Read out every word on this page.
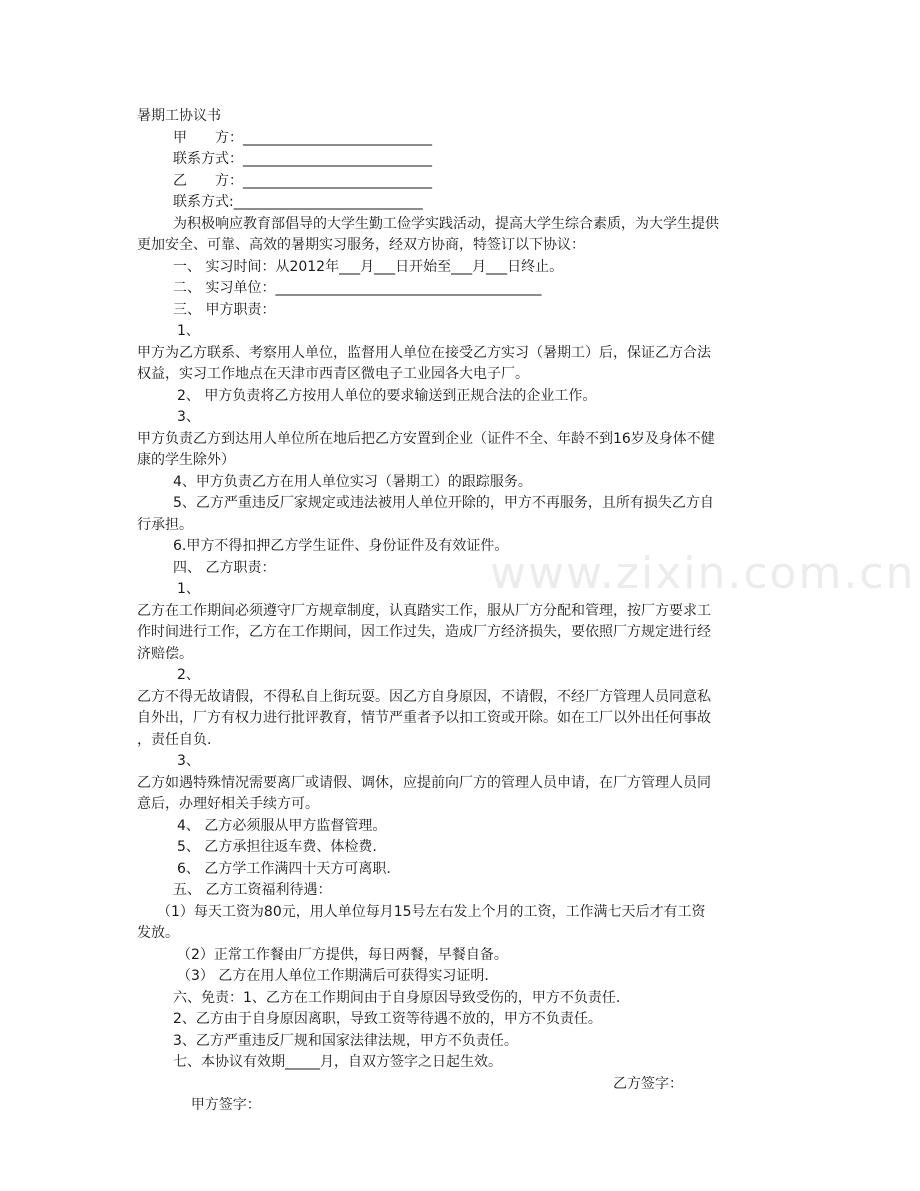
www.zixin.com.cn
暑期工协议书
甲　　方：___________________________
联系方式：___________________________
乙　　方：___________________________
联系方式:___________________________
为积极响应教育部倡导的大学生勤工俭学实践活动，提高大学生综合素质，为大学生提供
更加安全、可靠、高效的暑期实习服务，经双方协商，特签订以下协议：
一、 实习时间：从2012年___月___日开始至___月___日终止。
二、 实习单位：______________________________________
三、 甲方职责：
1、
甲方为乙方联系、考察用人单位，监督用人单位在接受乙方实习（暑期工）后，保证乙方合法
权益，实习工作地点在天津市西青区微电子工业园各大电子厂。
2、 甲方负责将乙方按用人单位的要求输送到正规合法的企业工作。
3、
甲方负责乙方到达用人单位所在地后把乙方安置到企业（证件不全、年龄不到16岁及身体不健
康的学生除外）
4、甲方负责乙方在用人单位实习（暑期工）的跟踪服务。
5、乙方严重违反厂家规定或违法被用人单位开除的，甲方不再服务，且所有损失乙方自
行承担。
6.甲方不得扣押乙方学生证件、身份证件及有效证件。
四、 乙方职责：
1、
乙方在工作期间必须遵守厂方规章制度，认真踏实工作，服从厂方分配和管理，按厂方要求工
作时间进行工作，乙方在工作期间，因工作过失，造成厂方经济损失，要依照厂方规定进行经
济赔偿。
2、
乙方不得无故请假，不得私自上街玩耍。因乙方自身原因，不请假，不经厂方管理人员同意私
自外出，厂方有权力进行批评教育，情节严重者予以扣工资或开除。如在工厂以外出任何事故
，责任自负.
3、
乙方如遇特殊情况需要离厂或请假、调休，应提前向厂方的管理人员申请，在厂方管理人员同
意后，办理好相关手续方可。
4、 乙方必须服从甲方监督管理。
5、 乙方承担往返车费、体检费.
6、 乙方学工作满四十天方可离职.
五、 乙方工资福利待遇：
（1）每天工资为80元，用人单位每月15号左右发上个月的工资，工作满七天后才有工资
发放。
（2）正常工作餐由厂方提供，每日两餐，早餐自备。
（3） 乙方在用人单位工作期满后可获得实习证明.
六、免责：1、乙方在工作期间由于自身原因导致受伤的，甲方不负责任.
2、乙方由于自身原因离职，导致工资等待遇不放的，甲方不负责任。
3、乙方严重违反厂规和国家法律法规，甲方不负责任。
七、本协议有效期_____月，自双方签字之日起生效。

甲方签字：

乙方签字：
